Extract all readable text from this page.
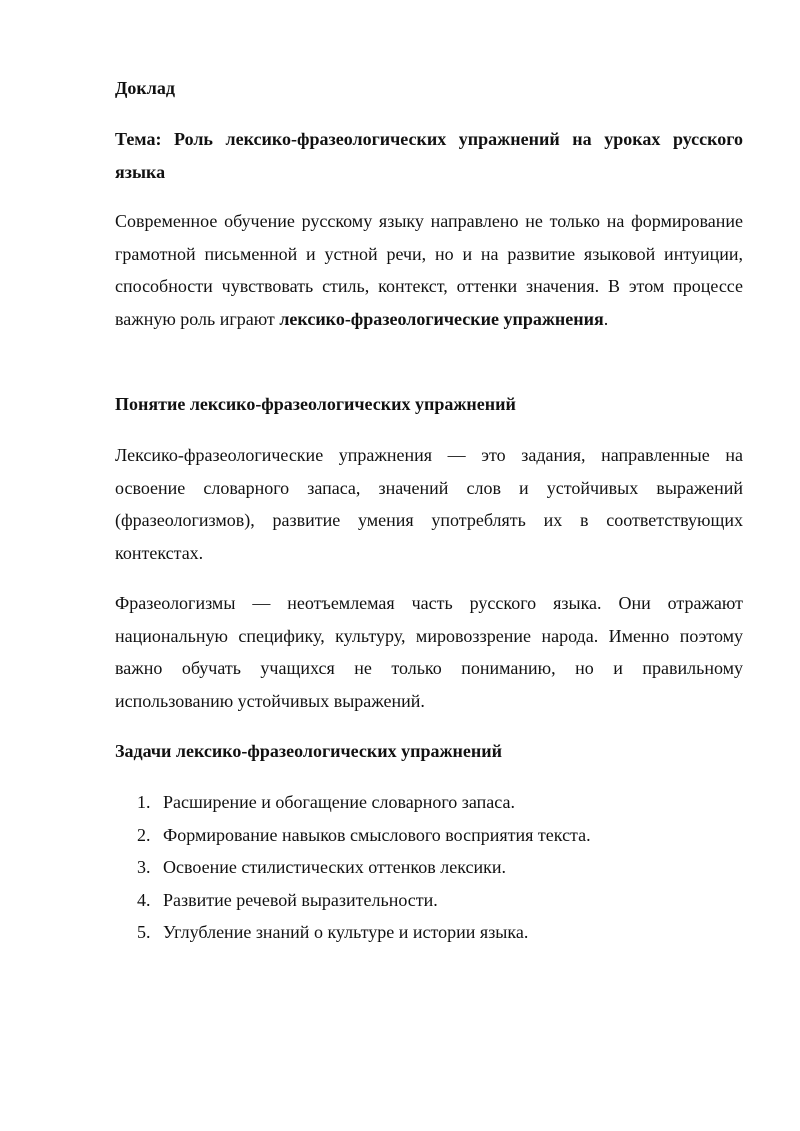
Доклад

Тема: Роль лексико-фразеологических упражнений на уроках русского языка

Современное обучение русскому языку направлено не только на формирование грамотной письменной и устной речи, но и на развитие языковой интуиции, способности чувствовать стиль, контекст, оттенки значения. В этом процессе важную роль играют лексико-фразеологические упражнения.

Понятие лексико-фразеологических упражнений

Лексико-фразеологические упражнения — это задания, направленные на освоение словарного запаса, значений слов и устойчивых выражений (фразеологизмов), развитие умения употреблять их в соответствующих контекстах.

Фразеологизмы — неотъемлемая часть русского языка. Они отражают национальную специфику, культуру, мировоззрение народа. Именно поэтому важно обучать учащихся не только пониманию, но и правильному использованию устойчивых выражений.

Задачи лексико-фразеологических упражнений

1. Расширение и обогащение словарного запаса.
2. Формирование навыков смыслового восприятия текста.
3. Освоение стилистических оттенков лексики.
4. Развитие речевой выразительности.
5. Углубление знаний о культуре и истории языка.
